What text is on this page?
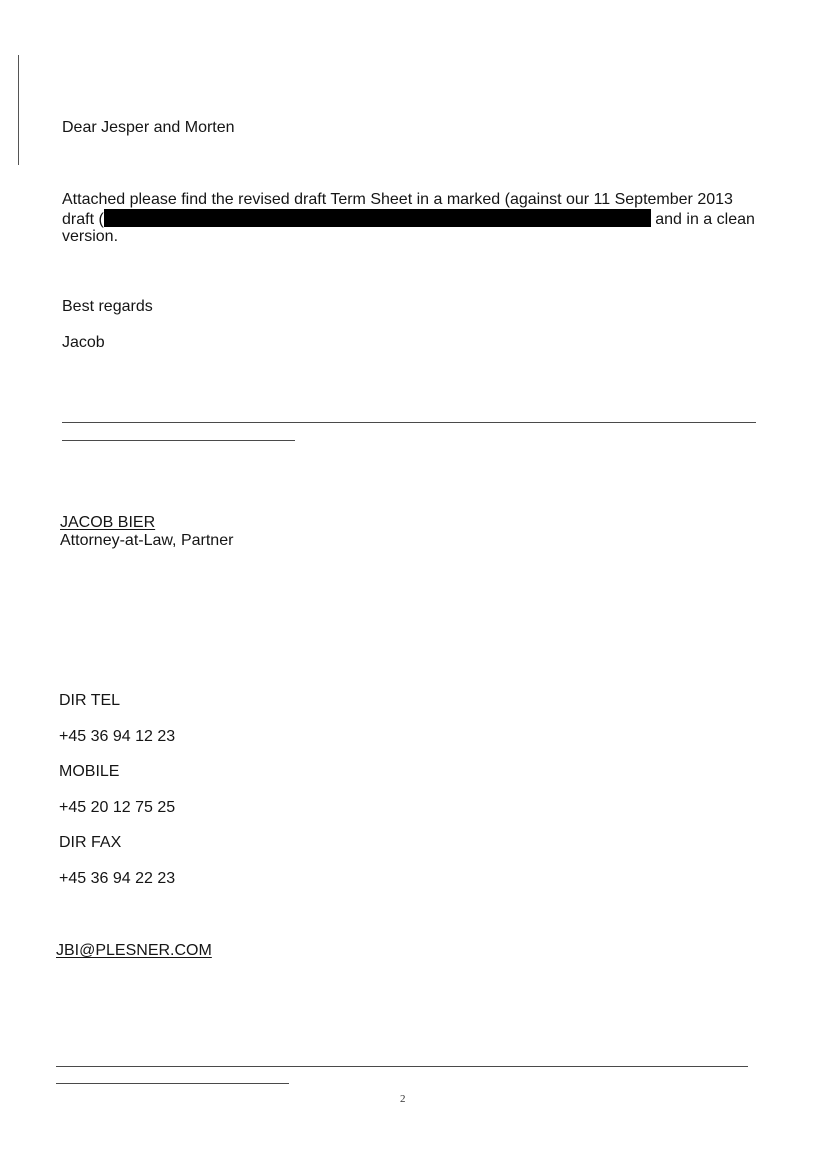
Dear Jesper and Morten
Attached please find the revised draft Term Sheet in a marked (against our 11 September 2013
draft (	and in a clean
version.
Best regards
Jacob
JACOB BIER
Attorney-at-Law, Partner
DIR TEL
+45 36 94 12 23
MOBILE
+45 20 12 75 25
DIR FAX
+45 36 94 22 23
JBI@PLESNER.COM
2
